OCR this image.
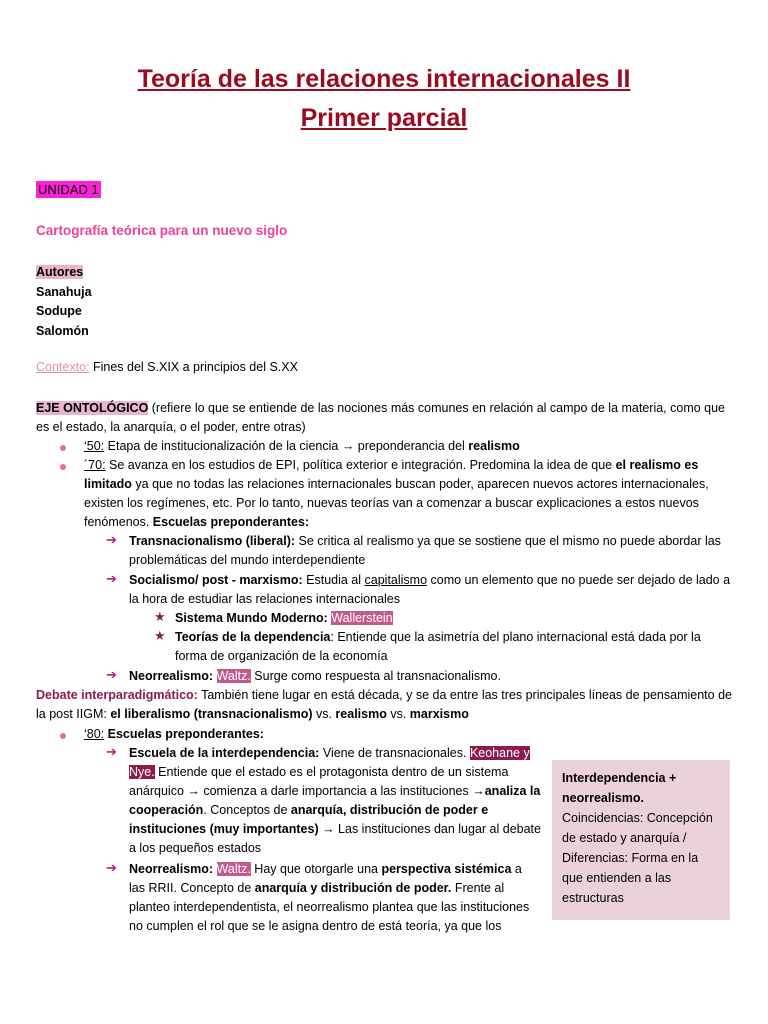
Teoría de las relaciones internacionales II
Primer parcial
UNIDAD 1
Cartografía teórica para un nuevo siglo
Autores
Sanahuja
Sodupe
Salomón
Contexto: Fines del S.XIX a principios del S.XX
EJE ONTOLÓGICO (refiere lo que se entiende de las nociones más comunes en relación al campo de la materia, como que es el estado, la anarquía, o el poder, entre otras)
‘50: Etapa de institucionalización de la ciencia → preponderancia del realismo
´70: Se avanza en los estudios de EPI, política exterior e integración. Predomina la idea de que el realismo es limitado ya que no todas las relaciones internacionales buscan poder, aparecen nuevos actores internacionales, existen los regímenes, etc. Por lo tanto, nuevas teorías van a comenzar a buscar explicaciones a estos nuevos fenómenos. Escuelas preponderantes:
➔ Transnacionalismo (liberal): Se critica al realismo ya que se sostiene que el mismo no puede abordar las problemáticas del mundo interdependiente
➔ Socialismo/ post - marxismo: Estudia al capitalismo como un elemento que no puede ser dejado de lado a la hora de estudiar las relaciones internacionales
★ Sistema Mundo Moderno: Wallerstein
★ Teorías de la dependencia: Entiende que la asimetría del plano internacional está dada por la forma de organización de la economía
➔ Neorrealismo: Waltz. Surge como respuesta al transnacionalismo.
Debate interparadigmático: También tiene lugar en está década, y se da entre las tres principales líneas de pensamiento de la post IIGM: el liberalismo (transnacionalismo) vs. realismo vs. marxismo
‘80: Escuelas preponderantes:
➔ Escuela de la interdependencia: Viene de transnacionales. Keohane y Nye. Entiende que el estado es el protagonista dentro de un sistema anárquico → comienza a darle importancia a las instituciones →analiza la cooperación. Conceptos de anarquía, distribución de poder e instituciones (muy importantes) → Las instituciones dan lugar al debate a los pequeños estados
➔ Neorrealismo: Waltz. Hay que otorgarle una perspectiva sistémica a las RRII. Concepto de anarquía y distribución de poder. Frente al planteo interdependentista, el neorrealismo plantea que las instituciones no cumplen el rol que se le asigna dentro de está teoría, ya que los
Interdependencia + neorrealismo.
Coincidencias: Concepción de estado y anarquía / Diferencias: Forma en la que entienden a las estructuras
